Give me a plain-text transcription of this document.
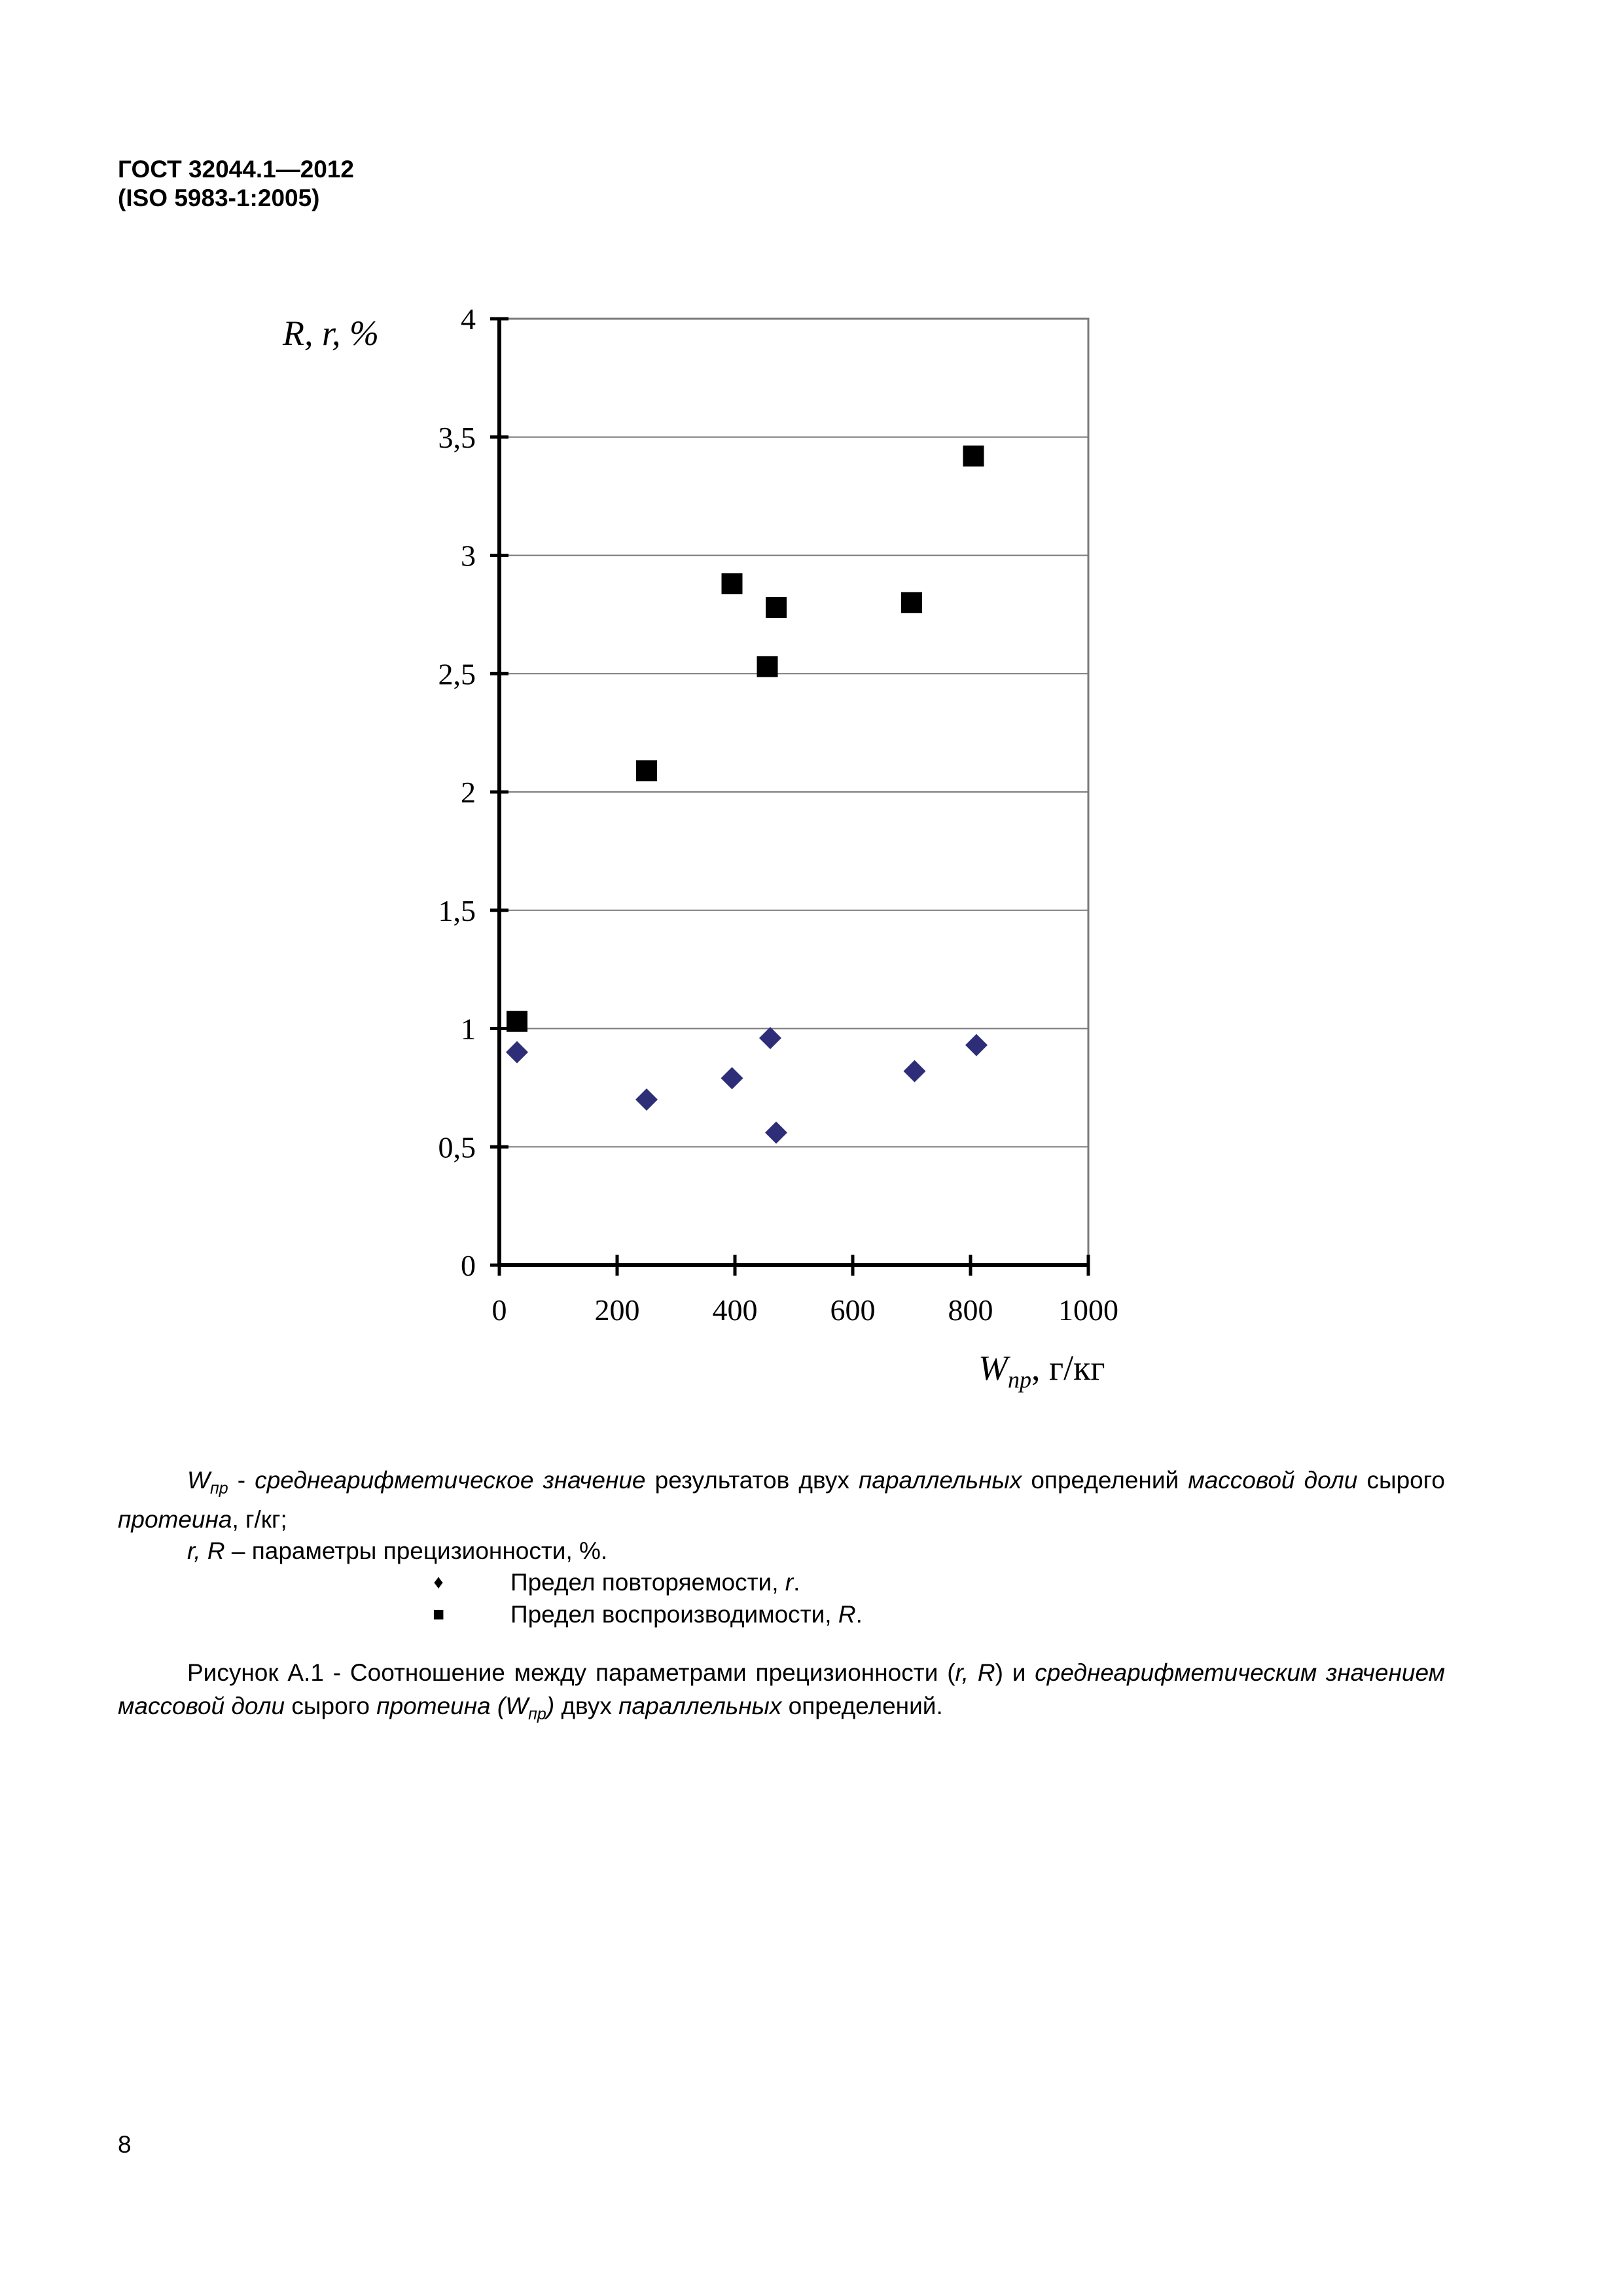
ГОСТ 32044.1—2012
(ISO 5983-1:2005)
0
0,5
1
1,5
2
2,5
3
3,5
4
0	200 400 600 800 1000
R, r, %
$W_{пр}$, г/кг
$W_{пр}$ - среднеарифметическое значение результатов двух параллельных определений массовой доли сырого протеина, г/кг;
r, R – параметры прецизионности, %.
♦	Предел повторяемости, r.
■	Предел воспроизводимости, R.
Рисунок А.1 - Соотношение между параметрами прецизионности (r, R) и среднеарифметическим значением массовой доли сырого протеина $(W_{пр})$ двух параллельных определений.
8
